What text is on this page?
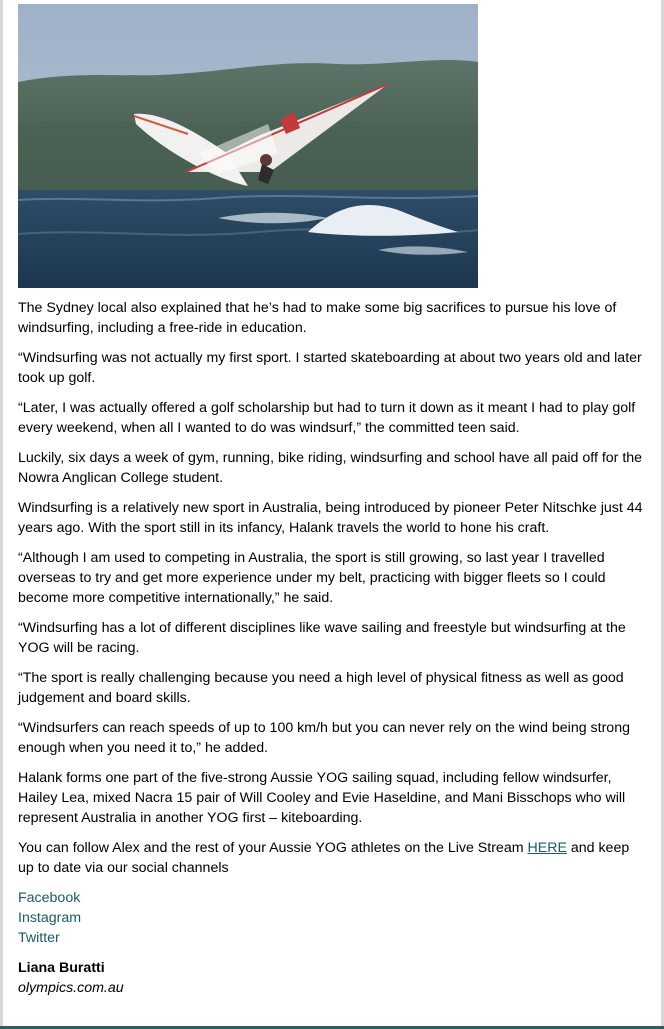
The Sydney local also explained that he’s had to make some big sacrifices to pursue his love of windsurfing, including a free-ride in education.

“Windsurfing was not actually my first sport. I started skateboarding at about two years old and later took up golf.

“Later, I was actually offered a golf scholarship but had to turn it down as it meant I had to play golf every weekend, when all I wanted to do was windsurf,” the committed teen said.

Luckily, six days a week of gym, running, bike riding, windsurfing and school have all paid off for the Nowra Anglican College student.

Windsurfing is a relatively new sport in Australia, being introduced by pioneer Peter Nitschke just 44 years ago. With the sport still in its infancy, Halank travels the world to hone his craft.

“Although I am used to competing in Australia, the sport is still growing, so last year I travelled overseas to try and get more experience under my belt, practicing with bigger fleets so I could become more competitive internationally,” he said.

“Windsurfing has a lot of different disciplines like wave sailing and freestyle but windsurfing at the YOG will be racing.

“The sport is really challenging because you need a high level of physical fitness as well as good judgement and board skills.

“Windsurfers can reach speeds of up to 100 km/h but you can never rely on the wind being strong enough when you need it to,” he added.

Halank forms one part of the five-strong Aussie YOG sailing squad, including fellow windsurfer, Hailey Lea, mixed Nacra 15 pair of Will Cooley and Evie Haseldine, and Mani Bisschops who will represent Australia in another YOG first – kiteboarding.

You can follow Alex and the rest of your Aussie YOG athletes on the Live Stream HERE and keep up to date via our social channels

Facebook
Instagram
Twitter
Liana Buratti
olympics.com.au
